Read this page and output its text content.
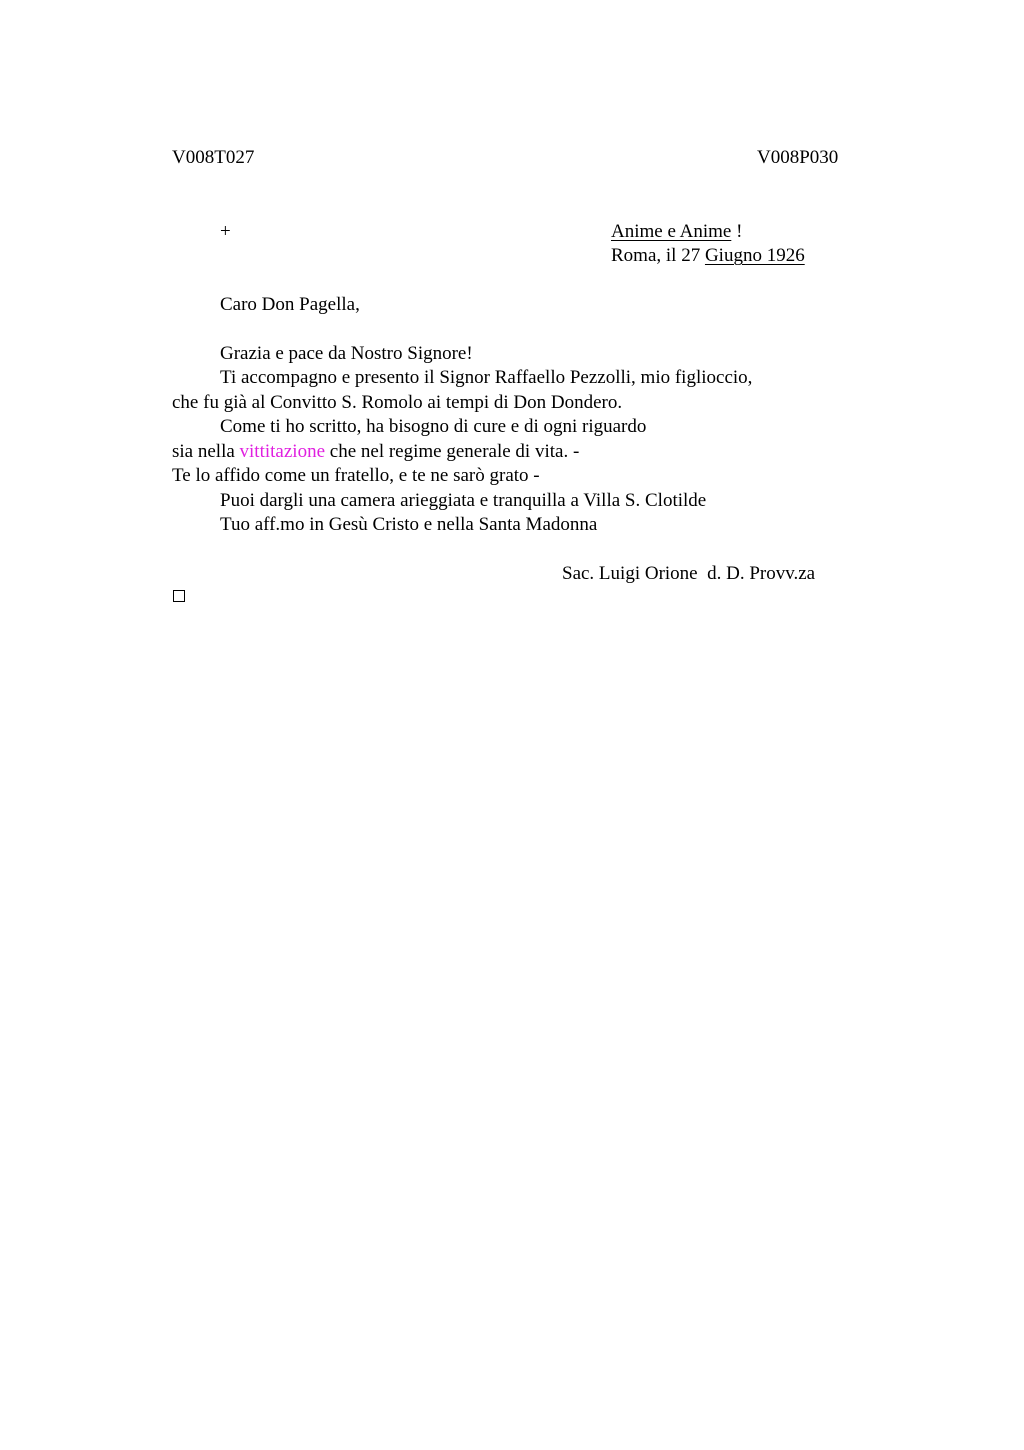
V008T027	V008P030
+	Anime e Anime !
Roma, il 27 Giugno 1926
Caro Don Pagella,
Grazia e pace da Nostro Signore!
Ti accompagno e presento il Signor Raffaello Pezzolli, mio figlioccio,
che fu già al Convitto S. Romolo ai tempi di Don Dondero.
Come ti ho scritto, ha bisogno di cure e di ogni riguardo
sia nella vittitazione che nel regime generale di vita. -
Te lo affido come un fratello, e te ne sarò grato -
Puoi dargli una camera arieggiata e tranquilla a Villa S. Clotilde
Tuo aff.mo in Gesù Cristo e nella Santa Madonna
Sac. Luigi Orione  d. D. Provv.za
